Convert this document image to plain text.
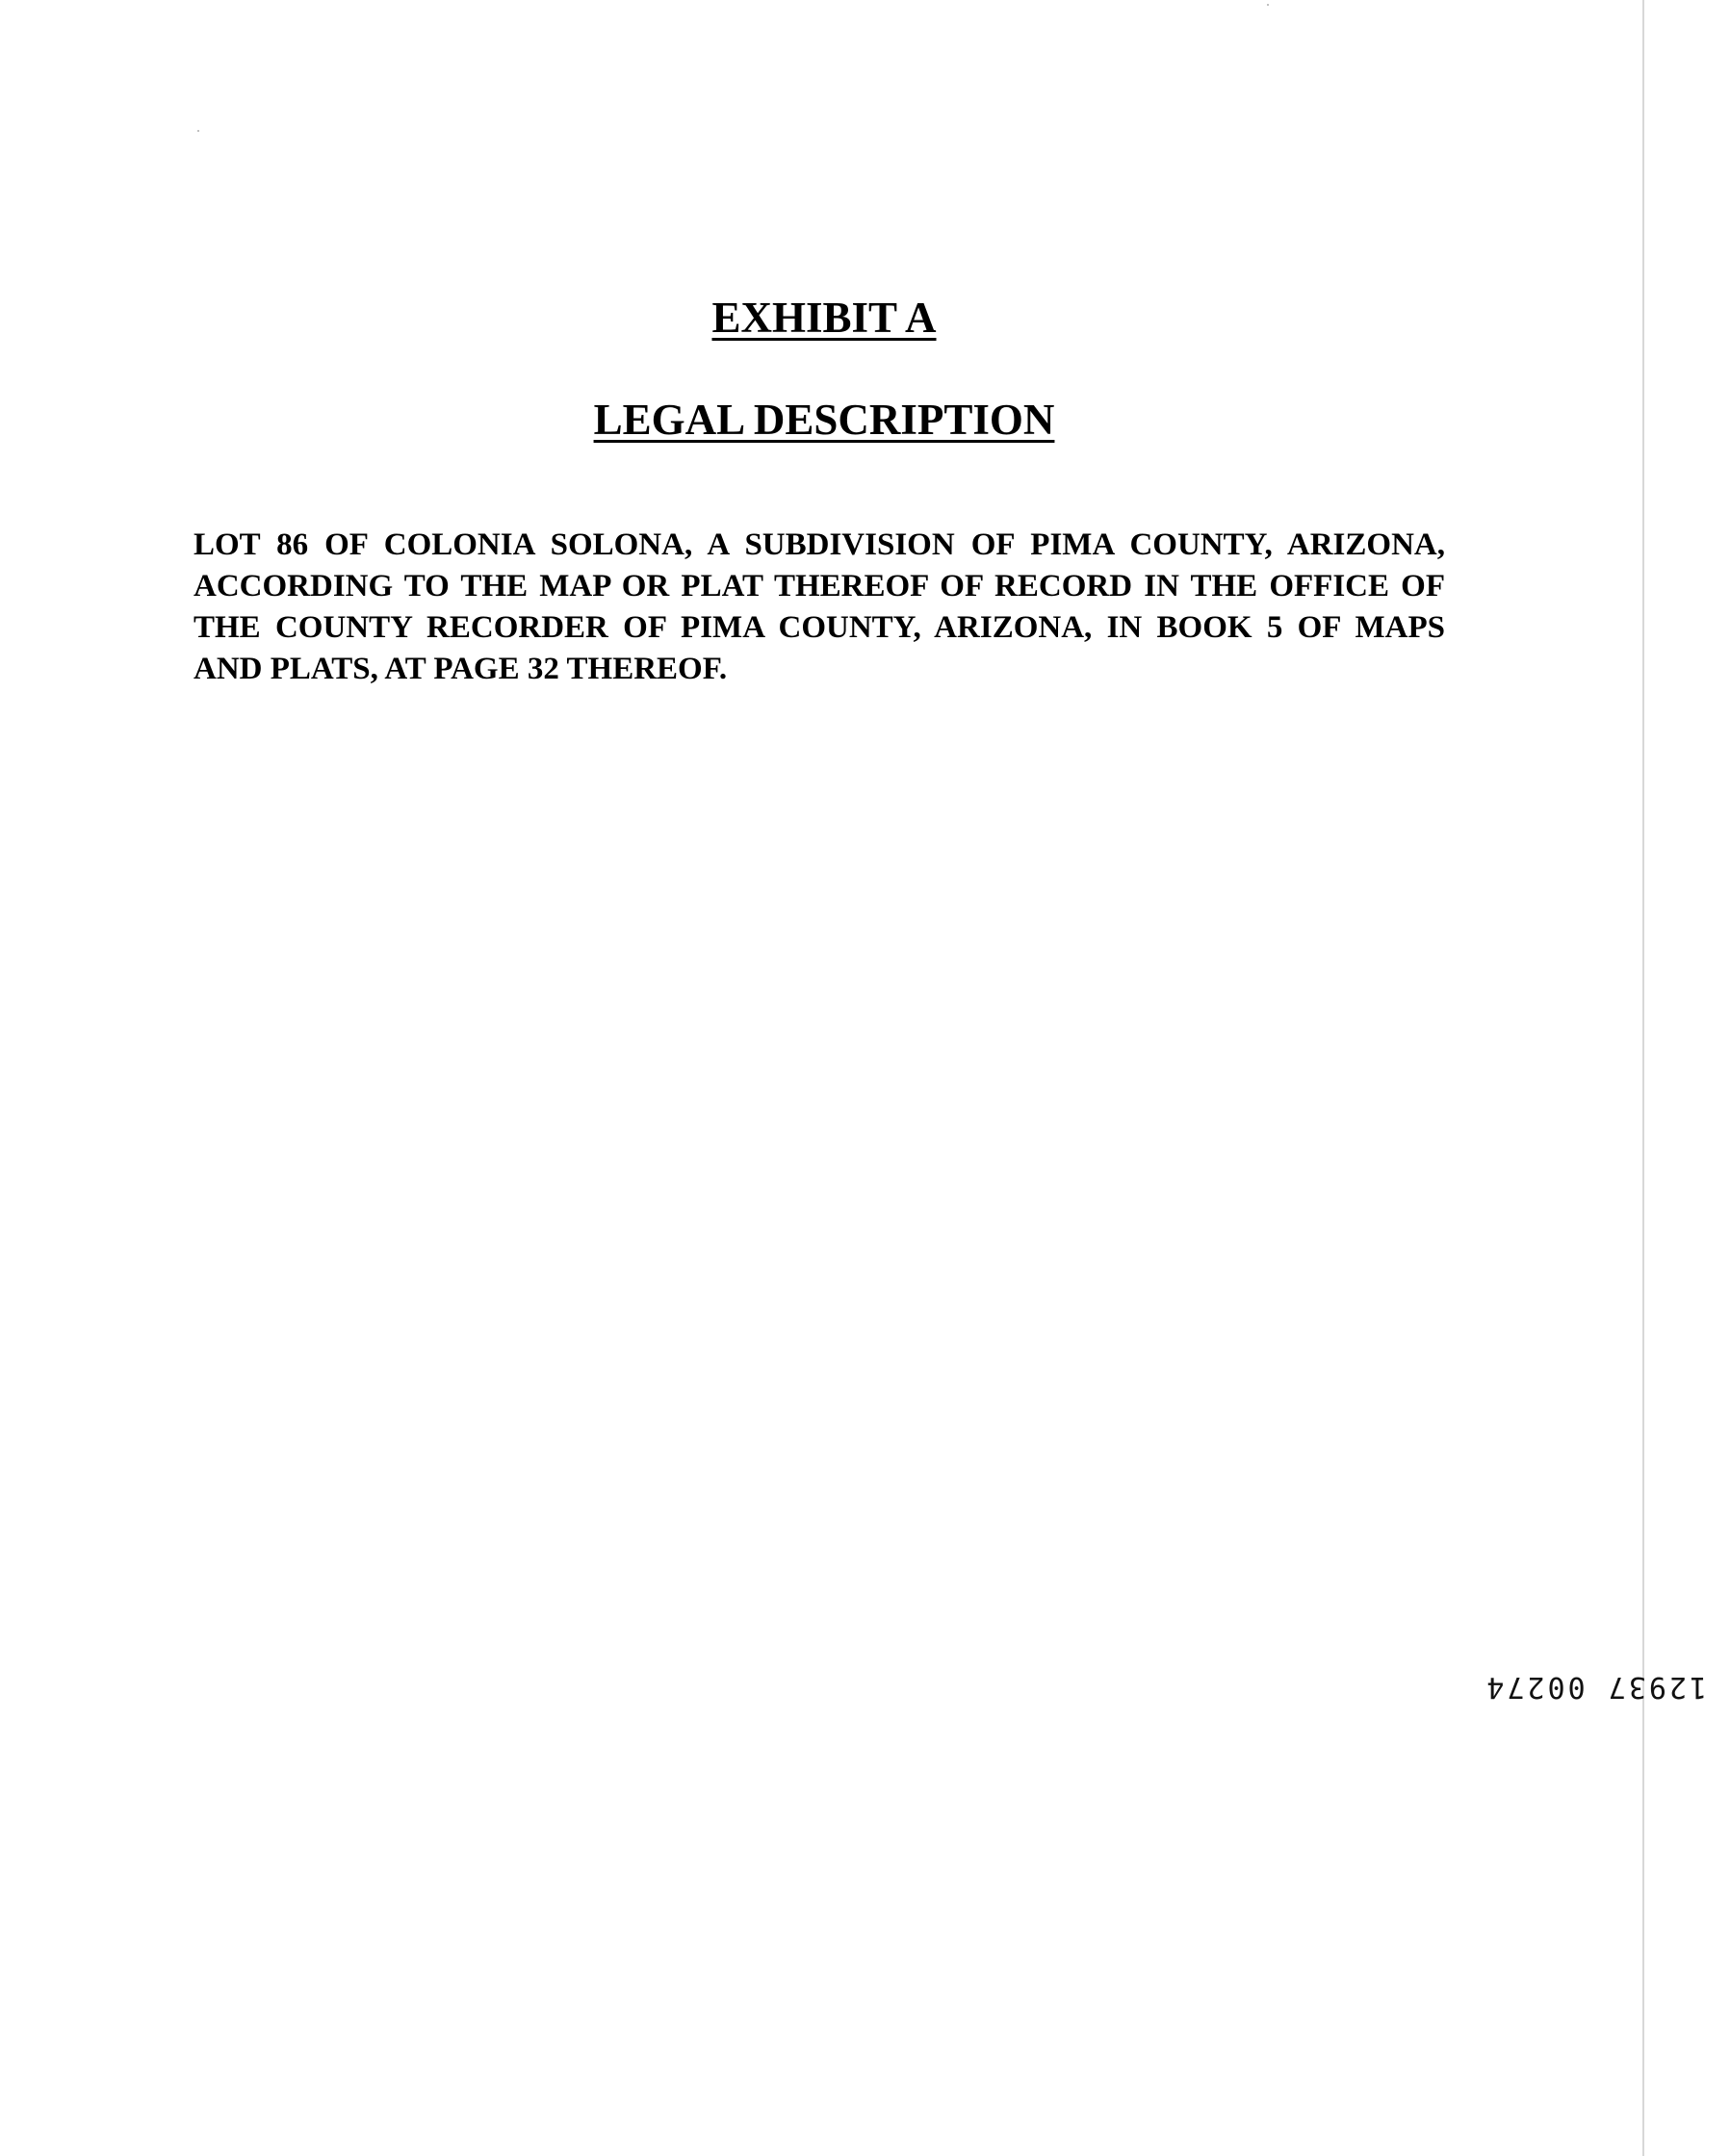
EXHIBIT A
LEGAL DESCRIPTION
LOT 86 OF COLONIA SOLONA, A SUBDIVISION OF PIMA COUNTY, ARIZONA, ACCORDING TO THE MAP OR PLAT THEREOF OF RECORD IN THE OFFICE OF THE COUNTY RECORDER OF PIMA COUNTY, ARIZONA, IN BOOK 5 OF MAPS AND PLATS, AT PAGE 32 THEREOF.
12937 00274
